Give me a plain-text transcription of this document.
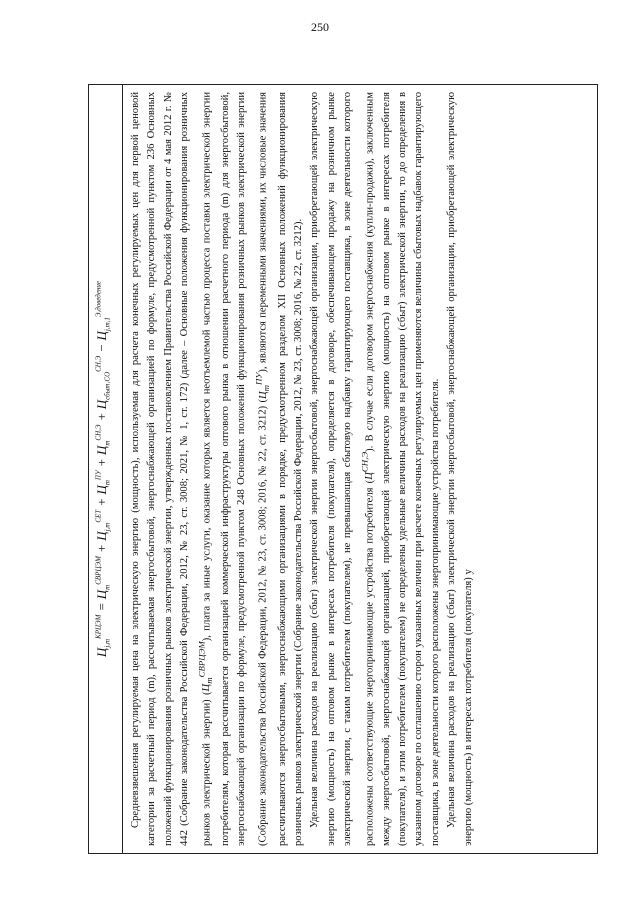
250
$Ц_{j,m}^{КРЦЭМ} = Ц_m^{СВРЦЭМ} + Ц_{j,m}^{СЕТ} + Ц_m^{ПУ} + Ц_m^{СН,Э} + Ц_{сбыт,СО}^{СН,Э} - Ц_{j,m,1}^{Э,доведение}$	Средневзвешенная регулируемая цена на электрическую энергию (мощность), используемая для расчета конечных регулируемых цен для первой ценовой категории за расчетный период (m), рассчитываемая энергосбытовой, энергоснабжающей организацией по формуле, предусмотренной пунктом 236 Основных положений функционирования розничных рынков электрической энергии, утвержденных постановлением Правительства Российской Федерации от 4 мая 2012 г. № 442 (Собрание законодательства Российской Федерации, 2012, № 23, ст. 3008; 2021, № 1, ст. 172) (далее – Основные положения функционирования розничных рынков электрической энергии) $(Ц_m^{СВРЦЭМ})$, плата за иные услуги, оказание которых является неотъемлемой частью процесса поставки электрической энергии потребителям, которая рассчитывается организацией коммерческой инфраструктуры оптового рынка в отношении расчетного периода (m) для энергосбытовой, энергоснабжающей организации по формуле, предусмотренной пунктом 248 Основных положений функционирования розничных рынков электрической энергии (Собрание законодательства Российской Федерации, 2012, № 23, ст. 3008; 2016, № 22, ст. 3212) $(Ц_m^{ПУ})$, являются переменными значениями, их числовые значения рассчитываются энергосбытовыми, энергоснабжающими организациями в порядке, предусмотренном разделом XII Основных положений функционирования розничных рынков электрической энергии (Собрание законодательства Российской Федерации, 2012, № 23, ст. 3008; 2016, № 22, ст. 3212). Удельная величина расходов на реализацию (сбыт) электрической энергии энергосбытовой, энергоснабжающей организации, приобретающей электрическую энергию (мощность) на оптовом рынке в интересах потребителя (покупателя), определяется в договоре, обеспечивающем продажу на розничном рынке электрической энергии, с таким потребителем (покупателем), не превышающая сбытовую надбавку гарантирующего поставщика, в зоне деятельности которого расположены соответствующие энергопринимающие устройства потребителя $(Ц^{СН,Э})$. В случае если договором энергоснабжения (купли-продажи), заключенным между энергосбытовой, энергоснабжающей организацией, приобретающей электрическую энергию (мощность) на оптовом рынке в интересах потребителя (покупателя), и этим потребителем (покупателем) не определены удельные величины расходов на реализацию (сбыт) электрической энергии, то до определения в указанном договоре по соглашению сторон указанных величин при расчете конечных регулируемых цен применяются величины сбытовых надбавок гарантирующего поставщика, в зоне деятельности которого расположены энергопринимающие устройства потребителя. Удельная величина расходов на реализацию (сбыт) электрической энергии энергосбытовой, энергоснабжающей организации, приобретающей электрическую энергию (мощность) в интересах потребителя (покупателя) у
